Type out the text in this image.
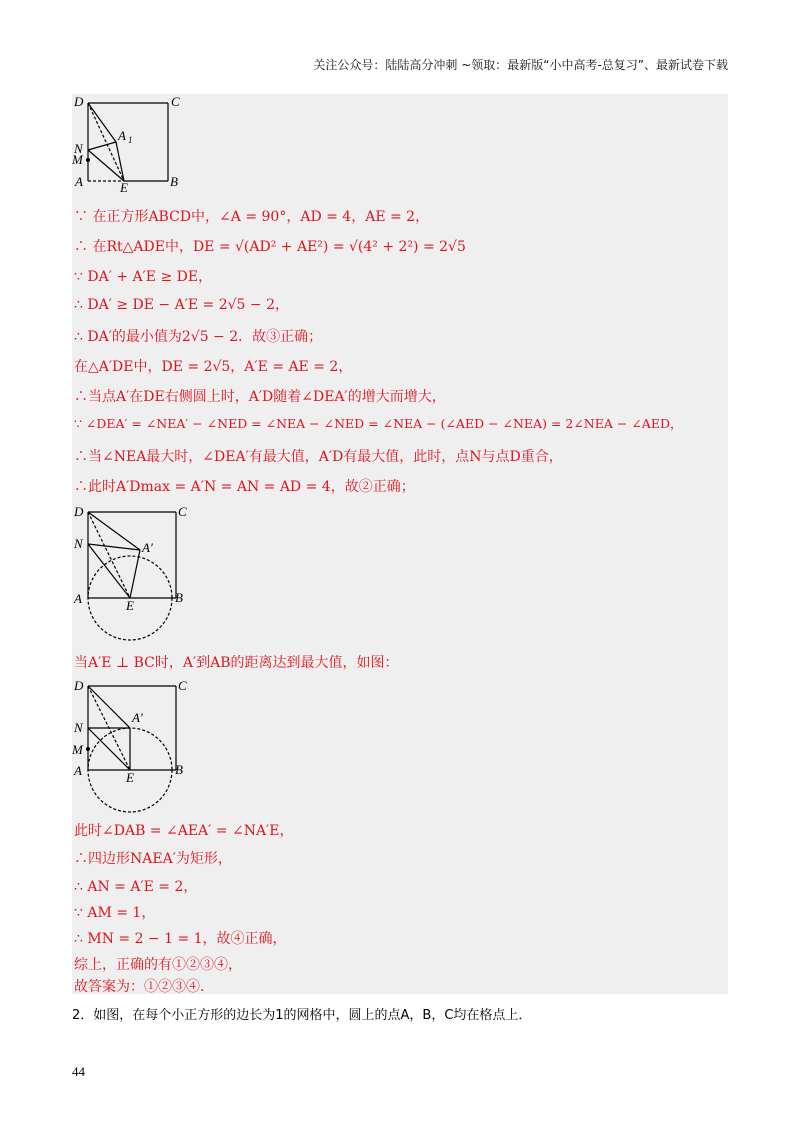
关注公众号：陆陆高分冲刺 ~领取：最新版“小中高考-总复习”、最新试卷下载
D	C
N
A 1
M
A	E	B
∵ 在正方形ABCD中，∠A = 90°，AD = 4，AE = 2，
∴ 在Rt△ADE中，DE = √(AD² + AE²) = √(4² + 2²) = 2√5
∵ DA′ + A′E ≥ DE，
∴ DA′ ≥ DE − A′E = 2√5 − 2，
∴ DA′的最小值为2√5 − 2．故③正确；
在△A′DE中，DE = 2√5，A′E = AE = 2，
∴当点A′在DE右侧圆上时，A′D随着∠DEA′的增大而增大，
∵ ∠DEA′ = ∠NEA′ − ∠NED = ∠NEA − ∠NED = ∠NEA − (∠AED − ∠NEA) = 2∠NEA − ∠AED，
∴当∠NEA最大时，∠DEA′有最大值，A′D有最大值，此时，点N与点D重合，
∴此时A′Dmax = A′N = AN = AD = 4，故②正确；
D	C
N	A′
A	E
B
当A′E ⊥ BC时，A′到AB的距离达到最大值，如图：
D	C
N
A′
M
A	E
B
此时∠DAB = ∠AEA′ = ∠NA′E，
∴四边形NAEA′为矩形，
∴ AN = A′E = 2，
∵ AM = 1，
∴ MN = 2 − 1 = 1，故④正确，
综上，正确的有①②③④，
故答案为：①②③④．
2．如图，在每个小正方形的边长为1的网格中，圆上的点A，B，C均在格点上．
44
